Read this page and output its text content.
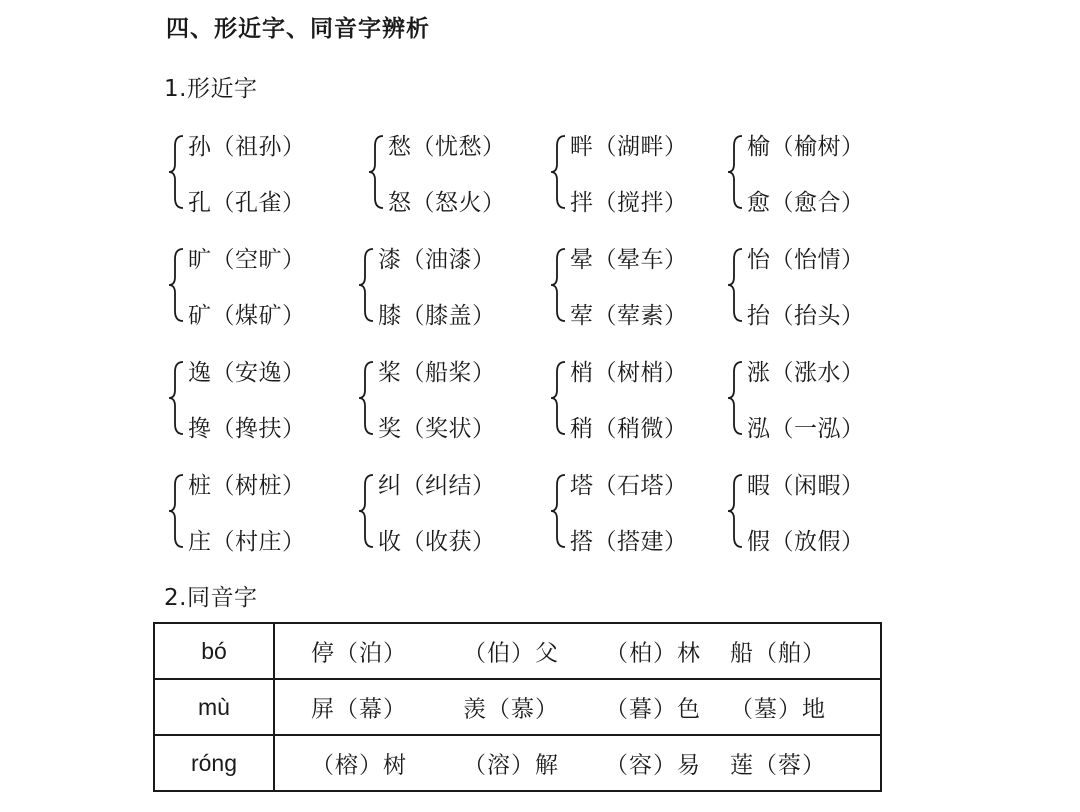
四、形近字、同音字辨析
1.形近字
孙（祖孙）
孔（孔雀）
愁（忧愁）
怒（怒火）
畔（湖畔）
拌（搅拌）
榆（榆树）
愈（愈合）
旷（空旷）
矿（煤矿）
漆（油漆）
膝（膝盖）
晕（晕车）
荤（荤素）
怡（怡情）
抬（抬头）
逸（安逸）
搀（搀扶）
桨（船桨）
奖（奖状）
梢（树梢）
稍（稍微）
涨（涨水）
泓（一泓）
桩（树桩）
庄（村庄）
纠（纠结）
收（收获）
塔（石塔）
搭（搭建）
暇（闲暇）
假（放假）
2.同音字
bó	停（泊） （伯）父 （柏）林 船（舶）

mù	屏（幕） 羡（慕） （暮）色 （墓）地

róng	（榕）树 （溶）解 （容）易 莲（蓉）
